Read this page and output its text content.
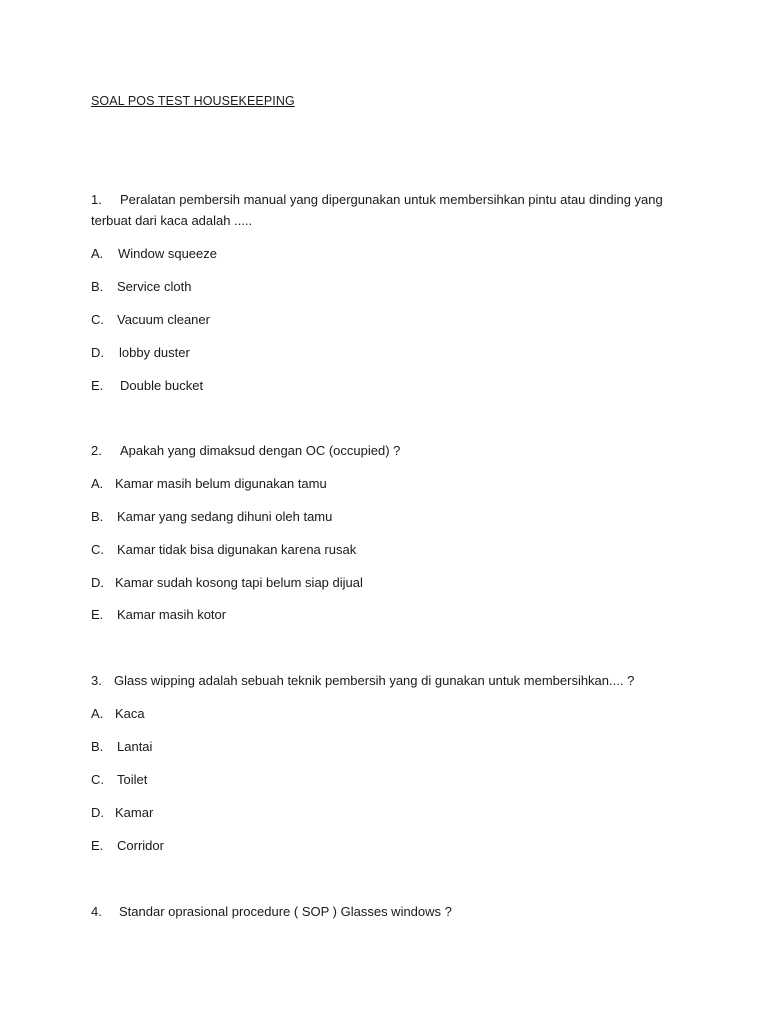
SOAL POS TEST HOUSEKEEPING
1. Peralatan pembersih manual yang dipergunakan untuk membersihkan pintu atau dinding yang
terbuat dari kaca adalah .....
A. Window squeeze
B. Service cloth
C. Vacuum cleaner
D. lobby duster
E. Double bucket
2. Apakah yang dimaksud dengan OC (occupied) ?
A. Kamar masih belum digunakan tamu
B. Kamar yang sedang dihuni oleh tamu
C. Kamar tidak bisa digunakan karena rusak
D. Kamar sudah kosong tapi belum siap dijual
E. Kamar masih kotor
3. Glass wipping adalah sebuah teknik pembersih yang di gunakan untuk membersihkan.... ?
A. Kaca
B. Lantai
C. Toilet
D. Kamar
E. Corridor
4. Standar oprasional procedure ( SOP ) Glasses windows ?
